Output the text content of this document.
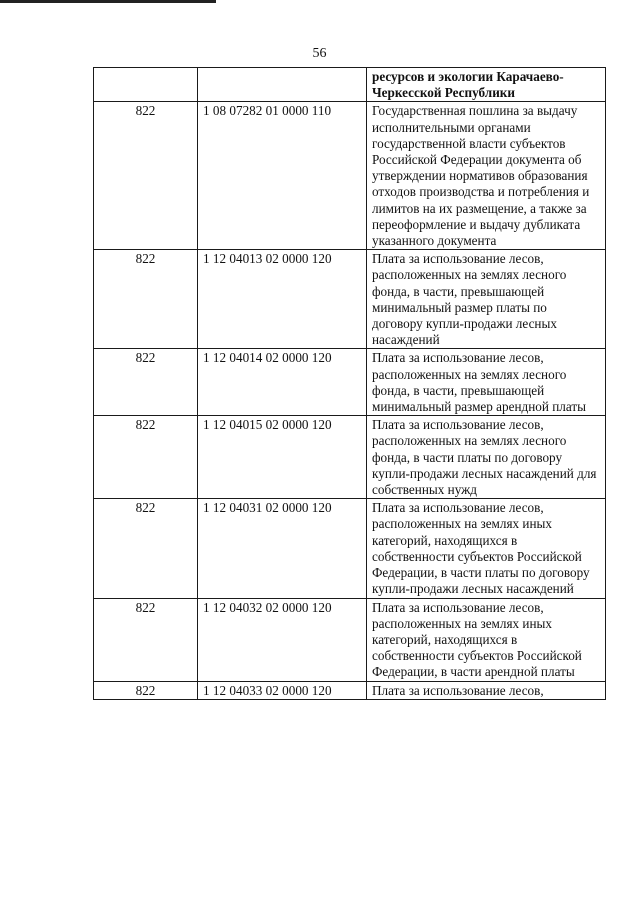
56
		ресурсов и экологии Карачаево-Черкесской Республики
822	1 08 07282 01 0000 110	Государственная пошлина за выдачу исполнительными органами государственной власти субъектов Российской Федерации документа об утверждении нормативов образования отходов производства и потребления и лимитов на их размещение, а также за переоформление и выдачу дубликата указанного документа
822	1 12 04013 02 0000 120	Плата за использование лесов, расположенных на землях лесного фонда, в части, превышающей минимальный размер платы по договору купли-продажи лесных насаждений
822	1 12 04014 02 0000 120	Плата за использование лесов, расположенных на землях лесного фонда, в части, превышающей минимальный размер арендной платы
822	1 12 04015 02 0000 120	Плата за использование лесов, расположенных на землях лесного фонда, в части платы по договору купли-продажи лесных насаждений для собственных нужд
822	1 12 04031 02 0000 120	Плата за использование лесов, расположенных на землях иных категорий, находящихся в собственности субъектов Российской Федерации, в части платы по договору купли-продажи лесных насаждений
822	1 12 04032 02 0000 120	Плата за использование лесов, расположенных на землях иных категорий, находящихся в собственности субъектов Российской Федерации, в части арендной платы
822	1 12 04033 02 0000 120	Плата за использование лесов,
